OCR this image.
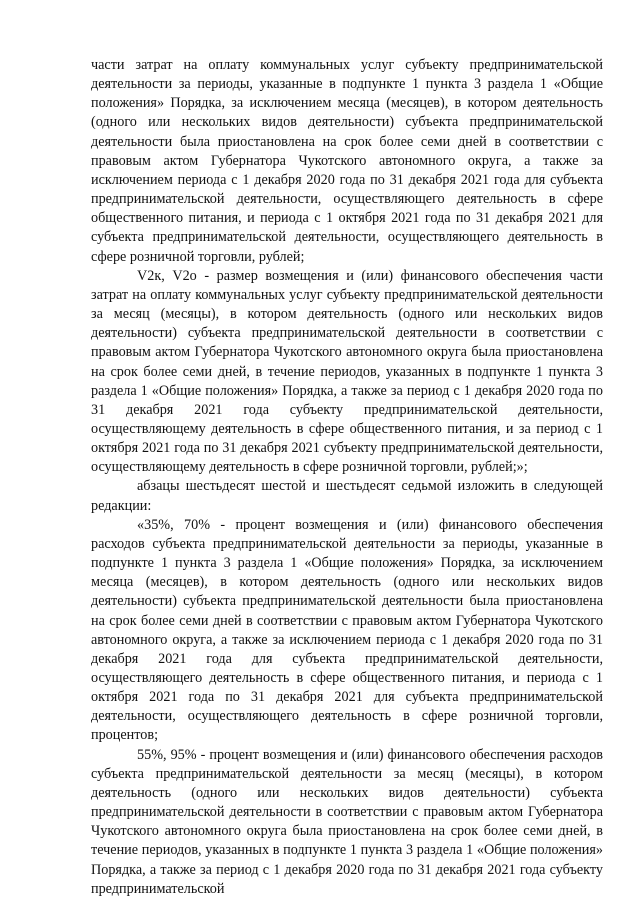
части затрат на оплату коммунальных услуг субъекту предпринимательской деятельности за периоды, указанные в подпункте 1 пункта 3 раздела 1 «Общие положения» Порядка, за исключением месяца (месяцев), в котором деятельность (одного или нескольких видов деятельности) субъекта предпринимательской деятельности была приостановлена на срок более семи дней в соответствии с правовым актом Губернатора Чукотского автономного округа, а также за исключением периода с 1 декабря 2020 года по 31 декабря 2021 года для субъекта предпринимательской деятельности, осуществляющего деятельность в сфере общественного питания, и периода с 1 октября 2021 года по 31 декабря 2021 для субъекта предпринимательской деятельности, осуществляющего деятельность в сфере розничной торговли, рублей;

V2к, V2о - размер возмещения и (или) финансового обеспечения части затрат на оплату коммунальных услуг субъекту предпринимательской деятельности за месяц (месяцы), в котором деятельность (одного или нескольких видов деятельности) субъекта предпринимательской деятельности в соответствии с правовым актом Губернатора Чукотского автономного округа была приостановлена на срок более семи дней, в течение периодов, указанных в подпункте 1 пункта 3 раздела 1 «Общие положения» Порядка, а также за период с 1 декабря 2020 года по 31 декабря 2021 года субъекту предпринимательской деятельности, осуществляющему деятельность в сфере общественного питания, и за период с 1 октября 2021 года по 31 декабря 2021 субъекту предпринимательской деятельности, осуществляющему деятельность в сфере розничной торговли, рублей;»;

абзацы шестьдесят шестой и шестьдесят седьмой изложить в следующей редакции:

«35%, 70% - процент возмещения и (или) финансового обеспечения расходов субъекта предпринимательской деятельности за периоды, указанные в подпункте 1 пункта 3 раздела 1 «Общие положения» Порядка, за исключением месяца (месяцев), в котором деятельность (одного или нескольких видов деятельности) субъекта предпринимательской деятельности была приостановлена на срок более семи дней в соответствии с правовым актом Губернатора Чукотского автономного округа, а также за исключением периода с 1 декабря 2020 года по 31 декабря 2021 года для субъекта предпринимательской деятельности, осуществляющего деятельность в сфере общественного питания, и периода с 1 октября 2021 года по 31 декабря 2021 для субъекта предпринимательской деятельности, осуществляющего деятельность в сфере розничной торговли, процентов;

55%, 95% - процент возмещения и (или) финансового обеспечения расходов субъекта предпринимательской деятельности за месяц (месяцы), в котором деятельность (одного или нескольких видов деятельности) субъекта предпринимательской деятельности в соответствии с правовым актом Губернатора Чукотского автономного округа была приостановлена на срок более семи дней, в течение периодов, указанных в подпункте 1 пункта 3 раздела 1 «Общие положения» Порядка, а также за период с 1 декабря 2020 года по 31 декабря 2021 года субъекту предпринимательской
